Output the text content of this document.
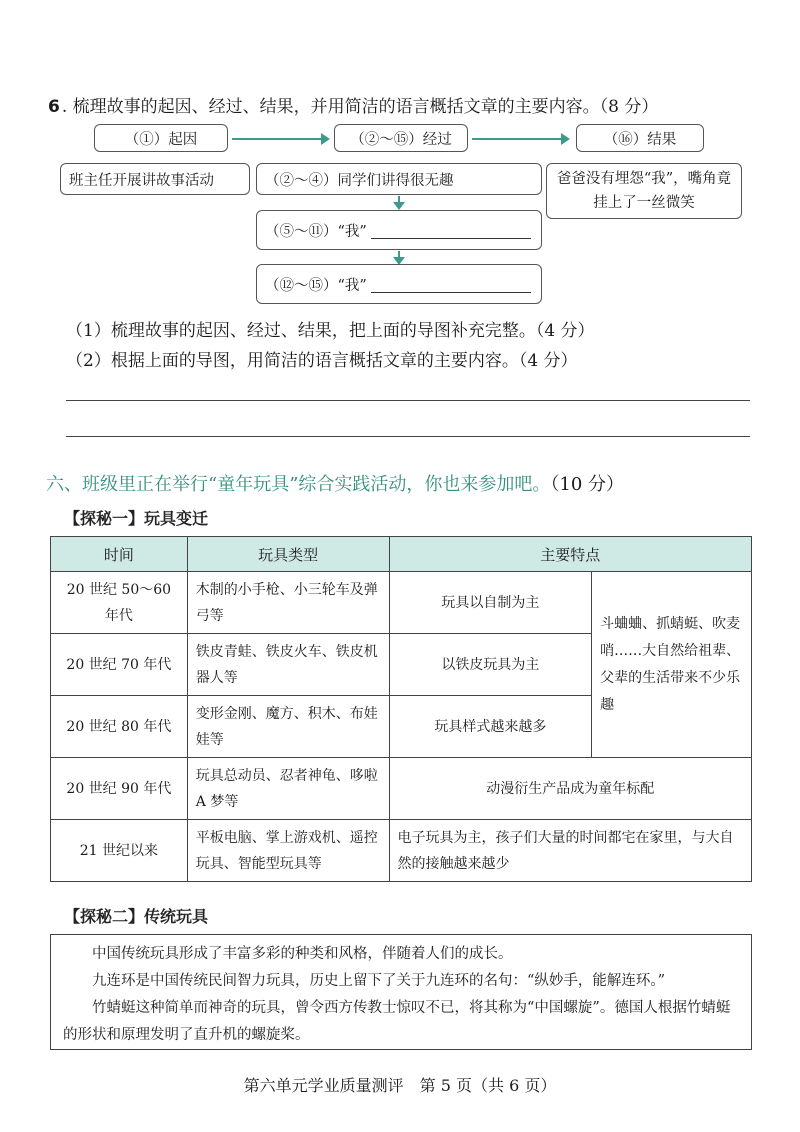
6 . 梳理故事的起因、经过、结果，并用简洁的语言概括文章的主要内容。（8 分）
（①）起因	（②～⑮）经过	（⑯）结果
班主任开展讲故事活动	（②～④）同学们讲得很无趣	爸爸没有埋怨“我”，嘴角竟挂上了一丝微笑
（⑤～⑪）“我”
（⑫～⑮）“我”
（1）梳理故事的起因、经过、结果，把上面的导图补充完整。（4 分）
（2）根据上面的导图，用简洁的语言概括文章的主要内容。（4 分）
六、班级里正在举行“童年玩具”综合实践活动，你也来参加吧。（10 分）
【探秘一】玩具变迁
时间	玩具类型	主要特点	
20 世纪 50～60 年代	木制的小手枪、小三轮车及弹弓等	玩具以自制为主	斗蛐蛐、抓蜻蜓、吹麦哨……大自然给祖辈、父辈的生活带来不少乐趣
20 世纪 70 年代	铁皮青蛙、铁皮火车、铁皮机器人等	以铁皮玩具为主	
20 世纪 80 年代	变形金刚、魔方、积木、布娃娃等	玩具样式越来越多	
20 世纪 90 年代	玩具总动员、忍者神龟、哆啦 A 梦等	动漫衍生产品成为童年标配	
21 世纪以来	平板电脑、掌上游戏机、遥控玩具、智能型玩具等	电子玩具为主，孩子们大量的时间都宅在家里，与大自然的接触越来越少	
【探秘二】传统玩具

中国传统玩具形成了丰富多彩的种类和风格，伴随着人们的成长。

九连环是中国传统民间智力玩具，历史上留下了关于九连环的名句：“纵妙手，能解连环。”

竹蜻蜓这种简单而神奇的玩具，曾令西方传教士惊叹不已，将其称为“中国螺旋”。德国人根据竹蜻蜓的形状和原理发明了直升机的螺旋桨。

第六单元学业质量测评　第 5 页（共 6 页）
